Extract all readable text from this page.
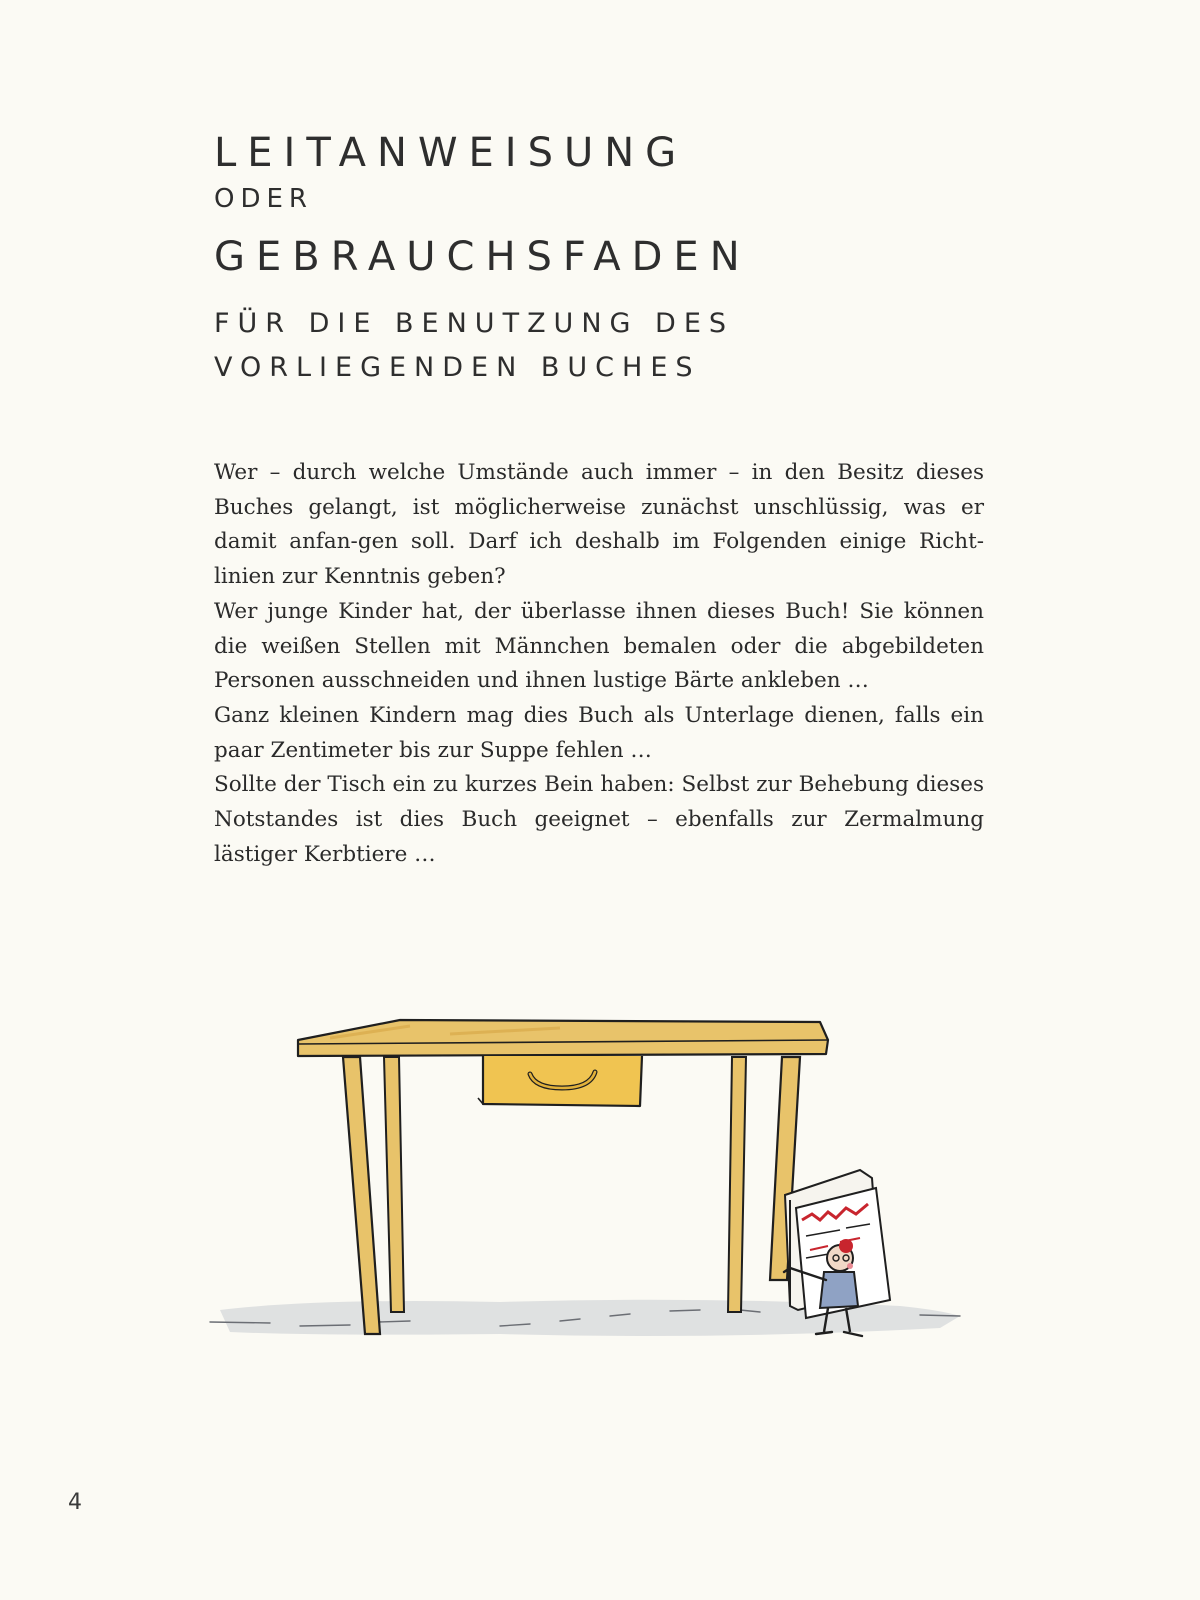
LEITANWEISUNG
ODER
GEBRAUCHSFADEN
FÜR DIE BENUTZUNG DES
VORLIEGENDEN BUCHES

Wer – durch welche Umstände auch immer – in den Besitz dieses Buches gelangt, ist möglicherweise zunächst unschlüssig, was er damit anfan-gen soll. Darf ich deshalb im Folgenden einige Richt-linien zur Kenntnis geben?

Wer junge Kinder hat, der überlasse ihnen dieses Buch! Sie können die weißen Stellen mit Männchen bemalen oder die abgebildeten Personen ausschneiden und ihnen lustige Bärte ankleben …

Ganz kleinen Kindern mag dies Buch als Unterlage dienen, falls ein paar Zentimeter bis zur Suppe fehlen …

Sollte der Tisch ein zu kurzes Bein haben: Selbst zur Behebung dieses Notstandes ist dies Buch geeignet – ebenfalls zur Zermalmung lästiger Kerbtiere …

4
